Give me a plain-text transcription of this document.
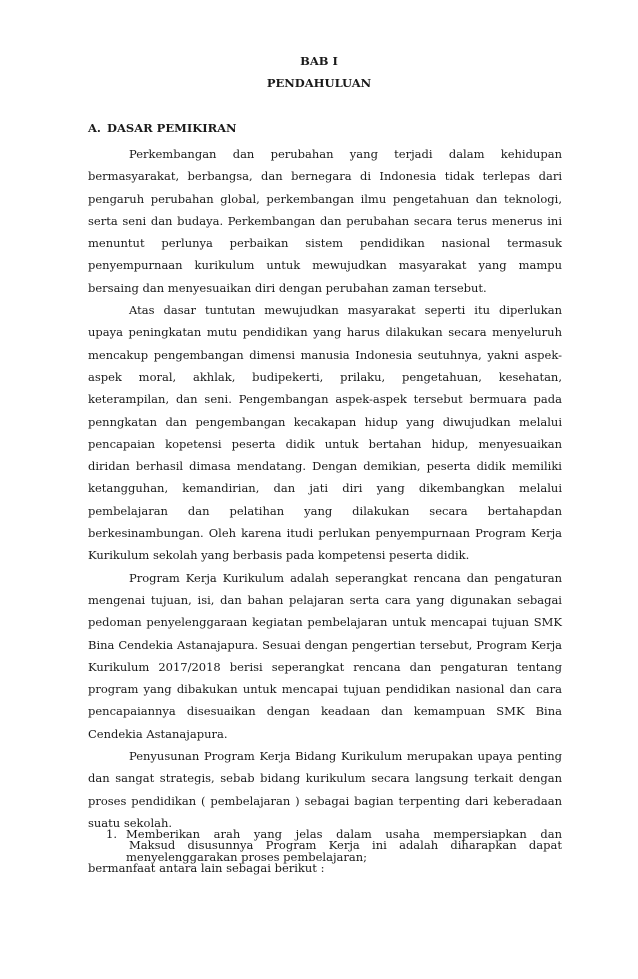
BAB I
PENDAHULUAN
A. DASAR PEMIKIRAN

Perkembangan dan perubahan yang terjadi dalam kehidupan bermasyarakat, berbangsa, dan bernegara di Indonesia tidak terlepas dari pengaruh perubahan global, perkembangan ilmu pengetahuan dan teknologi, serta seni dan budaya. Perkembangan dan perubahan secara terus menerus ini menuntut perlunya perbaikan sistem pendidikan nasional termasuk penyempurnaan kurikulum untuk mewujudkan masyarakat yang mampu bersaing dan menyesuaikan diri dengan perubahan zaman tersebut.

Atas dasar tuntutan mewujudkan masyarakat seperti itu diperlukan upaya peningkatan mutu pendidikan yang harus dilakukan secara menyeluruh mencakup pengembangan dimensi manusia Indonesia seutuhnya, yakni aspek-aspek moral, akhlak, budipekerti, prilaku, pengetahuan, kesehatan, keterampilan, dan seni. Pengembangan aspek-aspek tersebut bermuara pada penngkatan dan pengembangan kecakapan hidup yang diwujudkan melalui pencapaian kopetensi peserta didik untuk bertahan hidup, menyesuaikan diridan berhasil dimasa mendatang. Dengan demikian, peserta didik memiliki ketangguhan, kemandirian, dan jati diri yang dikembangkan melalui pembelajaran dan pelatihan yang dilakukan secara bertahapdan berkesinambungan. Oleh karena itudi perlukan penyempurnaan Program Kerja Kurikulum sekolah yang berbasis pada kompetensi peserta didik.

Program Kerja Kurikulum adalah seperangkat rencana dan pengaturan mengenai tujuan, isi, dan bahan pelajaran serta cara yang digunakan sebagai pedoman penyelenggaraan kegiatan pembelajaran untuk mencapai tujuan SMK Bina Cendekia Astanajapura. Sesuai dengan pengertian tersebut, Program Kerja Kurikulum 2017/2018 berisi seperangkat rencana dan pengaturan tentang program yang dibakukan untuk mencapai tujuan pendidikan nasional dan cara pencapaiannya disesuaikan dengan keadaan dan kemampuan SMK Bina Cendekia Astanajapura.

Penyusunan Program Kerja Bidang Kurikulum merupakan upaya penting dan sangat strategis, sebab bidang kurikulum secara langsung terkait dengan proses pendidikan ( pembelajaran ) sebagai bagian terpenting dari keberadaan suatu sekolah.

Maksud disusunnya Program Kerja ini adalah diharapkan dapat bermanfaat antara lain sebagai berikut :

1. Memberikan arah yang jelas dalam usaha mempersiapkan dan menyelenggarakan proses pembelajaran;
